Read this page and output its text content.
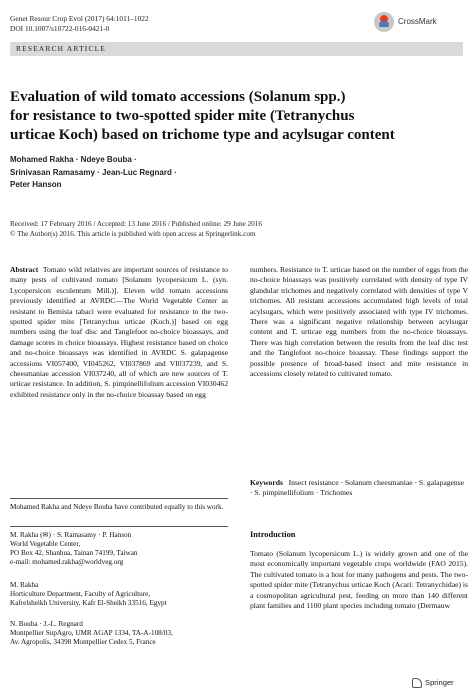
Genet Resour Crop Evol (2017) 64:1011–1022
DOI 10.1007/s10722-016-0421-0
CrossMark
RESEARCH ARTICLE
Evaluation of wild tomato accessions (Solanum spp.)
for resistance to two-spotted spider mite (Tetranychus
urticae Koch) based on trichome type and acylsugar content
Mohamed Rakha · Ndeye Bouba ·
Srinivasan Ramasamy · Jean-Luc Regnard ·
Peter Hanson
Received: 17 February 2016 / Accepted: 13 June 2016 / Published online: 29 June 2016
© The Author(s) 2016. This article is published with open access at Springerlink.com
Abstract Tomato wild relatives are important sources of resistance to many pests of cultivated tomato [Solanum lycopersicum L. (syn. Lycopersicon esculentum Mill.)]. Eleven wild tomato accessions previously identified at AVRDC—The World Vegetable Center as resistant to Bemisia tabaci were evaluated for resistance to the two-spotted spider mite [Tetranychus urticae (Koch.)] based on egg numbers using the leaf disc and Tanglefoot no-choice bioassays, and damage scores in choice bioassays. Highest resistance based on choice and no-choice bioassays was identified in AVRDC S. galapagense accessions VI057400, VI045262, VI037869 and VI037239, and S. cheesmaniae accession VI037240, all of which are new sources of T. urticae resistance. In addition, S. pimpinellifolium accession VI030462 exhibited resistance only in the no-choice bioassay based on egg
numbers. Resistance to T. urticae based on the number of eggs from the no-choice bioassays was positively correlated with density of type IV glandular trichomes and negatively correlated with densities of type V trichomes. All resistant accessions accumulated high levels of total acylsugars, which were positively associated with type IV trichomes. There was a significant negative relationship between acylsugar content and T. urticae egg numbers from the no-choice bioassays. There was high correlation between the results from the leaf disc test and the Tanglefoot no-choice bioassay. These findings support the possible presence of broad-based insect and mite resistance in accessions closely related to cultivated tomato.
Keywords Insect resistance · Solanum cheesmaniae · S. galapagense · S. pimpinellifolium · Trichomes
Mohamed Rakha and Ndeye Bouba have contributed equally to this work.
M. Rakha (✉) · S. Ramasamy · P. Hanson
World Vegetable Center,
PO Box 42, Shanhua, Tainan 74199, Taiwan
e-mail: mohamed.rakha@worldveg.org
M. Rakha
Horticulture Department, Faculty of Agriculture,
Kafrelsheikh University, Kafr El-Sheikh 33516, Egypt
N. Bouba · J.-L. Regnard
Montpellier SupAgro, UMR AGAP 1334, TA-A-108/03,
Av. Agropolis, 34398 Montpellier Cedex 5, France
Introduction
Tomato (Solanum lycopersicum L.) is widely grown and one of the most economically important vegetable crops worldwide (FAO 2015). The cultivated tomato is a host for many pathogens and pests. The two-spotted spider mite (Tetranychus urticae Koch (Acari: Tetranychidae) is a cosmopolitan agricultural pest, feeding on more than 140 different plant families and 1100 plant species including tomato (Dermauw
Springer
